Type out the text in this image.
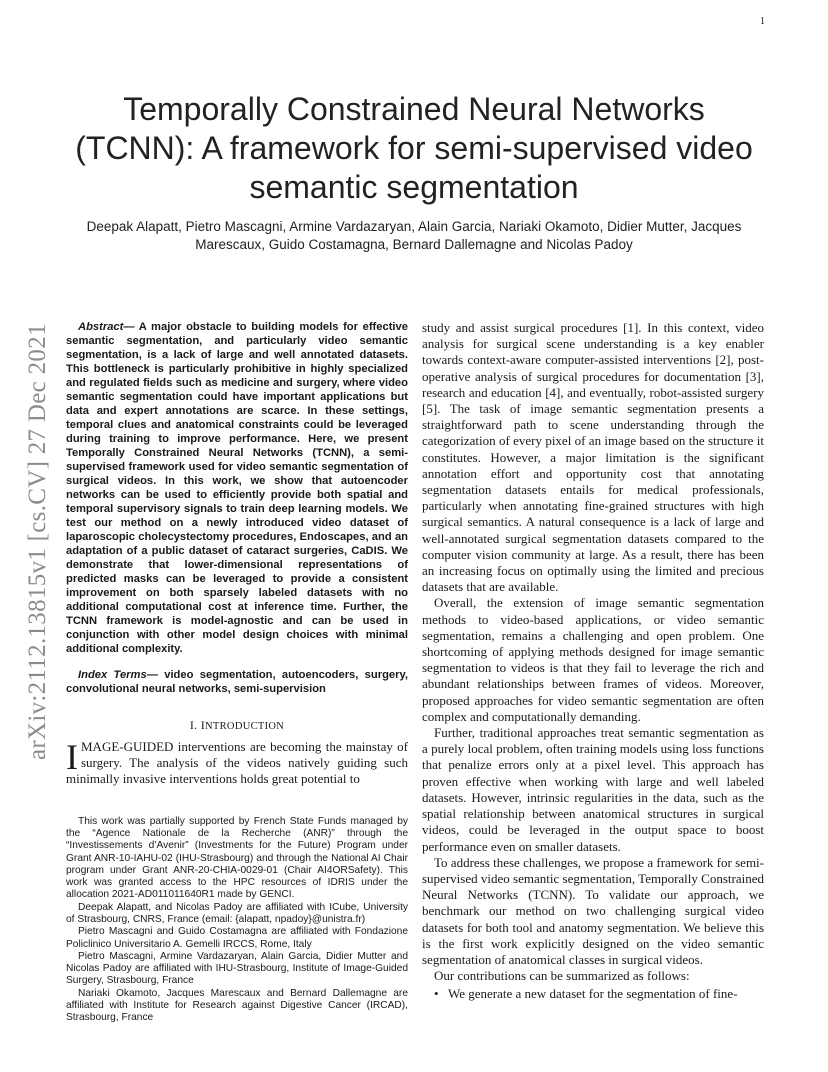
1
arXiv:2112.13815v1 [cs.CV] 27 Dec 2021
Temporally Constrained Neural Networks (TCNN): A framework for semi-supervised video semantic segmentation
Deepak Alapatt, Pietro Mascagni, Armine Vardazaryan, Alain Garcia, Nariaki Okamoto, Didier Mutter, Jacques Marescaux, Guido Costamagna, Bernard Dallemagne and Nicolas Padoy

Abstract— A major obstacle to building models for effective semantic segmentation, and particularly video semantic segmentation, is a lack of large and well annotated datasets. This bottleneck is particularly prohibitive in highly specialized and regulated fields such as medicine and surgery, where video semantic segmentation could have important applications but data and expert annotations are scarce. In these settings, temporal clues and anatomical constraints could be leveraged during training to improve performance. Here, we present Temporally Constrained Neural Networks (TCNN), a semi-supervised framework used for video semantic segmentation of surgical videos. In this work, we show that autoencoder networks can be used to efficiently provide both spatial and temporal supervisory signals to train deep learning models. We test our method on a newly introduced video dataset of laparoscopic cholecystectomy procedures, Endoscapes, and an adaptation of a public dataset of cataract surgeries, CaDIS. We demonstrate that lower-dimensional representations of predicted masks can be leveraged to provide a consistent improvement on both sparsely labeled datasets with no additional computational cost at inference time. Further, the TCNN framework is model-agnostic and can be used in conjunction with other model design choices with minimal additional complexity.

Index Terms— video segmentation, autoencoders, surgery, convolutional neural networks, semi-supervision

I. INTRODUCTION

IMAGE-GUIDED interventions are becoming the mainstay of surgery. The analysis of the videos natively guiding such minimally invasive interventions holds great potential to

This work was partially supported by French State Funds managed by the “Agence Nationale de la Recherche (ANR)” through the “Investissements d’Avenir” (Investments for the Future) Program under Grant ANR-10-IAHU-02 (IHU-Strasbourg) and through the National AI Chair program under Grant ANR-20-CHIA-0029-01 (Chair AI4ORSafety). This work was granted access to the HPC resources of IDRIS under the allocation 2021-AD011011640R1 made by GENCI.

Deepak Alapatt, and Nicolas Padoy are affiliated with ICube, University of Strasbourg, CNRS, France (email: {alapatt, npadoy}@unistra.fr)

Pietro Mascagni and Guido Costamagna are affiliated with Fondazione Policlinico Universitario A. Gemelli IRCCS, Rome, Italy

Pietro Mascagni, Armine Vardazaryan, Alain Garcia, Didier Mutter and Nicolas Padoy are affiliated with IHU-Strasbourg, Institute of Image-Guided Surgery, Strasbourg, France

Nariaki Okamoto, Jacques Marescaux and Bernard Dallemagne are affiliated with Institute for Research against Digestive Cancer (IRCAD), Strasbourg, France

study and assist surgical procedures [1]. In this context, video analysis for surgical scene understanding is a key enabler towards context-aware computer-assisted interventions [2], post-operative analysis of surgical procedures for documentation [3], research and education [4], and eventually, robot-assisted surgery [5]. The task of image semantic segmentation presents a straightforward path to scene understanding through the categorization of every pixel of an image based on the structure it constitutes. However, a major limitation is the significant annotation effort and opportunity cost that annotating segmentation datasets entails for medical professionals, particularly when annotating fine-grained structures with high surgical semantics. A natural consequence is a lack of large and well-annotated surgical segmentation datasets compared to the computer vision community at large. As a result, there has been an increasing focus on optimally using the limited and precious datasets that are available.

Overall, the extension of image semantic segmentation methods to video-based applications, or video semantic segmentation, remains a challenging and open problem. One shortcoming of applying methods designed for image semantic segmentation to videos is that they fail to leverage the rich and abundant relationships between frames of videos. Moreover, proposed approaches for video semantic segmentation are often complex and computationally demanding.

Further, traditional approaches treat semantic segmentation as a purely local problem, often training models using loss functions that penalize errors only at a pixel level. This approach has proven effective when working with large and well labeled datasets. However, intrinsic regularities in the data, such as the spatial relationship between anatomical structures in surgical videos, could be leveraged in the output space to boost performance even on smaller datasets.

To address these challenges, we propose a framework for semi-supervised video semantic segmentation, Temporally Constrained Neural Networks (TCNN). To validate our approach, we benchmark our method on two challenging surgical video datasets for both tool and anatomy segmentation. We believe this is the first work explicitly designed on the video semantic segmentation of anatomical classes in surgical videos.

Our contributions can be summarized as follows:

• We generate a new dataset for the segmentation of fine-
